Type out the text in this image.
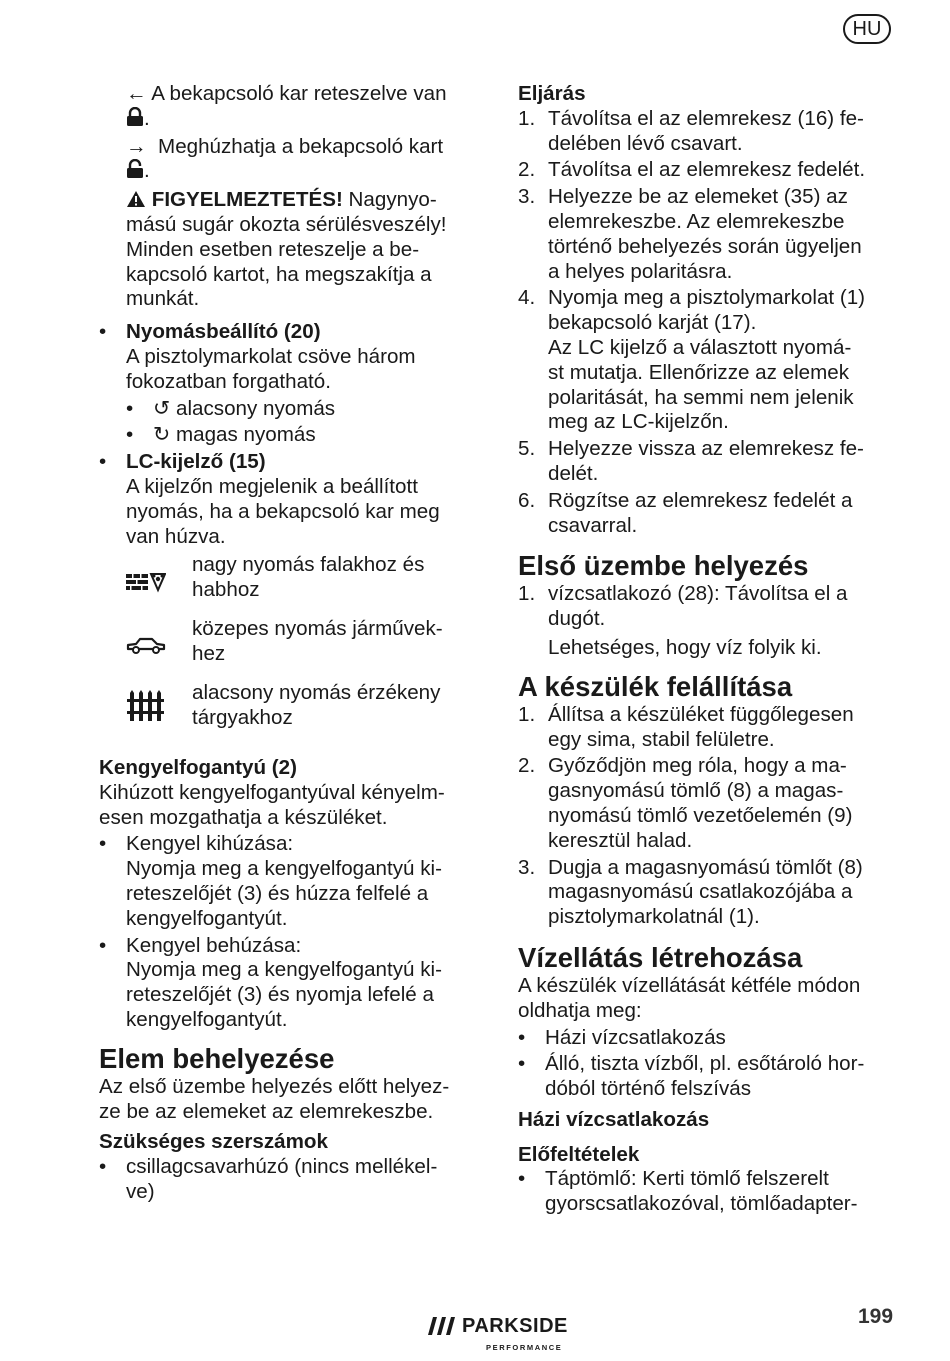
HU
← A bekapcsoló kar reteszelve van
.
→ Meghúzhatja a bekapcsoló kart
.
FIGYELMEZTETÉS! Nagynyo-
mású sugár okozta sérülésveszély!
Minden esetben reteszelje a be-
kapcsoló kartot, ha megszakítja a
munkát.
• Nyomásbeállító (20)
A pisztolymarkolat csöve három
fokozatban forgatható.
• ↺ alacsony nyomás
• ↻ magas nyomás
• LC-kijelző (15)
A kijelzőn megjelenik a beállított
nyomás, ha a bekapcsoló kar meg
van húzva.
nagy nyomás falakhoz és
habhoz
közepes nyomás járművek-
hez
alacsony nyomás érzékeny
tárgyakhoz
Kengyelfogantyú (2)
Kihúzott kengyelfogantyúval kényelm-
esen mozgathatja a készüléket.
• Kengyel kihúzása:
Nyomja meg a kengyelfogantyú ki-
reteszelőjét (3) és húzza felfelé a
kengyelfogantyút.
• Kengyel behúzása:
Nyomja meg a kengyelfogantyú ki-
reteszelőjét (3) és nyomja lefelé a
kengyelfogantyút.
Elem behelyezése
Az első üzembe helyezés előtt helyez-
ze be az elemeket az elemrekeszbe.
Szükséges szerszámok
• csillagcsavarhúzó (nincs mellékel-
ve)
Eljárás
1. Távolítsa el az elemrekesz (16) fe-
delében lévő csavart.
2. Távolítsa el az elemrekesz fedelét.
3. Helyezze be az elemeket (35) az
elemrekeszbe. Az elemrekeszbe
történő behelyezés során ügyeljen
a helyes polaritásra.
4. Nyomja meg a pisztolymarkolat (1)
bekapcsoló karját (17).
Az LC kijelző a választott nyomá-
st mutatja. Ellenőrizze az elemek
polaritását, ha semmi nem jelenik
meg az LC-kijelzőn.
5. Helyezze vissza az elemrekesz fe-
delét.
6. Rögzítse az elemrekesz fedelét a
csavarral.
Első üzembe helyezés
1. vízcsatlakozó (28): Távolítsa el a
dugót.
Lehetséges, hogy víz folyik ki.
A készülék felállítása
1. Állítsa a készüléket függőlegesen
egy sima, stabil felületre.
2. Győződjön meg róla, hogy a ma-
gasnyomású tömlő (8) a magas-
nyomású tömlő vezetőelemén (9)
keresztül halad.
3. Dugja a magasnyomású tömlőt (8)
magasnyomású csatlakozójába a
pisztolymarkolatnál (1).
Vízellátás létrehozása
A készülék vízellátását kétféle módon
oldhatja meg:
• Házi vízcsatlakozás
• Álló, tiszta vízből, pl. esőtároló hor-
dóból történő felszívás
Házi vízcsatlakozás
Előfeltételek
• Táptömlő: Kerti tömlő felszerelt
gyorscsatlakozóval, tömlőadapter-
PARKSIDE
PERFORMANCE
199
